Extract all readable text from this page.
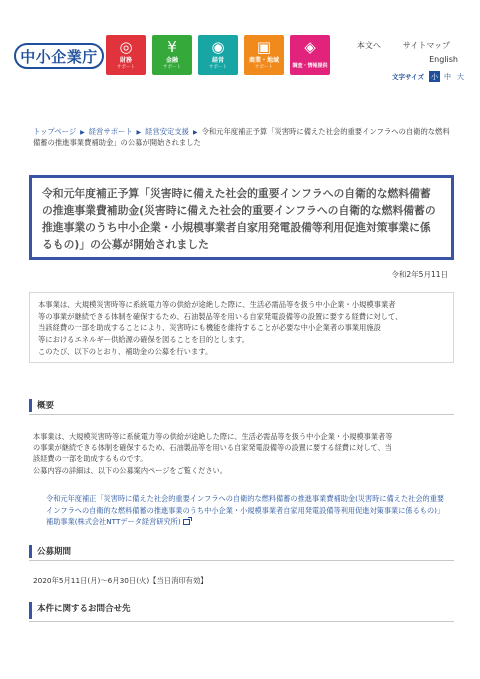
中小企業庁
◎
財務
サポート
¥
金融
サポート
◉
経営
サポート
▣
商業・地域
サポート
◈
調査・情報提供
本文へ	サイトマップ
English
文字サイズ 小 中 大
トップページ ▶ 経営サポート ▶ 経営安定支援 ▶ 令和元年度補正予算「災害時に備えた社会的重要インフラへの自衛的な燃料備蓄の推進事業費補助金」の公募が開始されました
令和元年度補正予算「災害時に備えた社会的重要インフラへの自衛的な燃料備蓄の推進事業費補助金(災害時に備えた社会的重要インフラへの自衛的な燃料備蓄の推進事業のうち中小企業・小規模事業者自家用発電設備等利用促進対策事業に係るもの)」の公募が開始されました
令和2年5月11日
本事業は、大規模災害時等に系統電力等の供給が途絶した際に、生活必需品等を扱う中小企業・小規模事業者
等の事業が継続できる体制を確保するため、石油製品等を用いる自家発電設備等の設置に要する経費に対して、
当該経費の一部を助成することにより、災害時にも機能を維持することが必要な中小企業者の事業用施設
等におけるエネルギー供給源の確保を図ることを目的とします。
このたび、以下のとおり、補助金の公募を行います。
概要
本事業は、大規模災害時等に系統電力等の供給が途絶した際に、生活必需品等を扱う中小企業・小規模事業者等
の事業が継続できる体制を確保するため、石油製品等を用いる自家発電設備等の設置に要する経費に対して、当
該経費の一部を助成するものです。
公募内容の詳細は、以下の公募案内ページをご覧ください。
令和元年度補正「災害時に備えた社会的重要インフラへの自衛的な燃料備蓄の推進事業費補助金(災害時に備えた社会的重要インフラへの自衛的な燃料備蓄の推進事業のうち中小企業・小規模事業者自家用発電設備等利用促進対策事業に係るもの)」補助事業(株式会社NTTデータ経営研究所)
公募期間
2020年5月11日(月)～6月30日(火)【当日消印有効】
本件に関するお問合せ先
